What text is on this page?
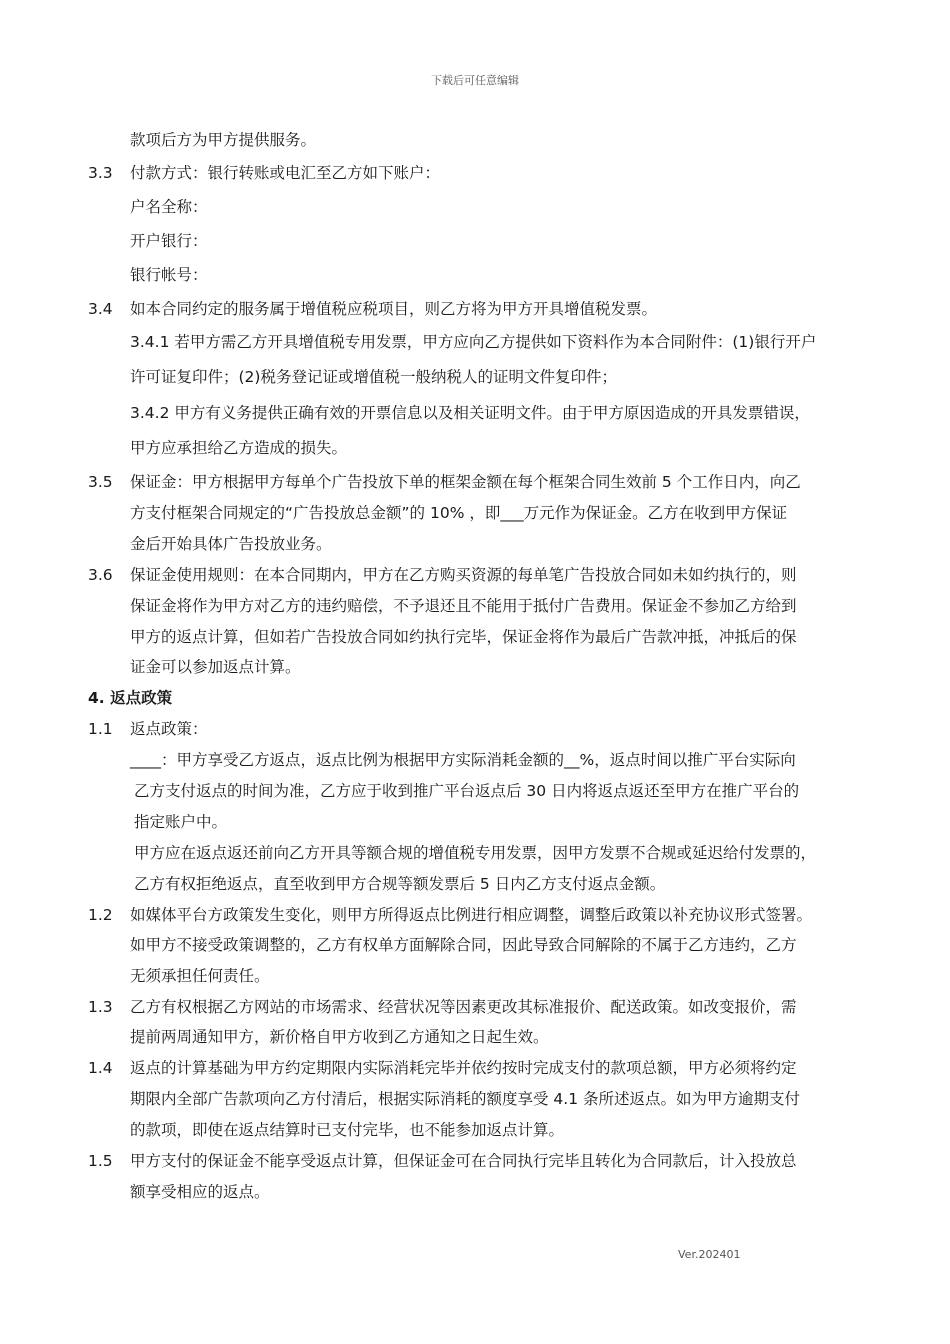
下载后可任意编辑
款项后方为甲方提供服务。
3.3 付款方式：银行转账或电汇至乙方如下账户：
户名全称：
开户银行：
银行帐号：
3.4 如本合同约定的服务属于增值税应税项目，则乙方将为甲方开具增值税发票。
3.4.1 若甲方需乙方开具增值税专用发票，甲方应向乙方提供如下资料作为本合同附件：(1)银行开户
许可证复印件；(2)税务登记证或增值税一般纳税人的证明文件复印件；
3.4.2 甲方有义务提供正确有效的开票信息以及相关证明文件。由于甲方原因造成的开具发票错误，
甲方应承担给乙方造成的损失。
3.5 保证金：甲方根据甲方每单个广告投放下单的框架金额在每个框架合同生效前 5 个工作日内，向乙
方支付框架合同规定的“广告投放总金额”的 10% ，即___万元作为保证金。乙方在收到甲方保证
金后开始具体广告投放业务。
3.6 保证金使用规则：在本合同期内，甲方在乙方购买资源的每单笔广告投放合同如未如约执行的，则
保证金将作为甲方对乙方的违约赔偿，不予退还且不能用于抵付广告费用。保证金不参加乙方给到
甲方的返点计算，但如若广告投放合同如约执行完毕，保证金将作为最后广告款冲抵，冲抵后的保
证金可以参加返点计算。
4. 返点政策
1.1 返点政策：
____：甲方享受乙方返点，返点比例为根据甲方实际消耗金额的__%，返点时间以推广平台实际向
乙方支付返点的时间为准，乙方应于收到推广平台返点后 30 日内将返点返还至甲方在推广平台的
指定账户中。
甲方应在返点返还前向乙方开具等额合规的增值税专用发票，因甲方发票不合规或延迟给付发票的，
乙方有权拒绝返点，直至收到甲方合规等额发票后 5 日内乙方支付返点金额。
1.2 如媒体平台方政策发生变化，则甲方所得返点比例进行相应调整，调整后政策以补充协议形式签署。
如甲方不接受政策调整的，乙方有权单方面解除合同，因此导致合同解除的不属于乙方违约，乙方
无须承担任何责任。
1.3 乙方有权根据乙方网站的市场需求、经营状况等因素更改其标准报价、配送政策。如改变报价，需
提前两周通知甲方，新价格自甲方收到乙方通知之日起生效。
1.4 返点的计算基础为甲方约定期限内实际消耗完毕并依约按时完成支付的款项总额，甲方必须将约定
期限内全部广告款项向乙方付清后，根据实际消耗的额度享受 4.1 条所述返点。如为甲方逾期支付
的款项，即使在返点结算时已支付完毕，也不能参加返点计算。
1.5 甲方支付的保证金不能享受返点计算，但保证金可在合同执行完毕且转化为合同款后，计入投放总
额享受相应的返点。
Ver.202401
